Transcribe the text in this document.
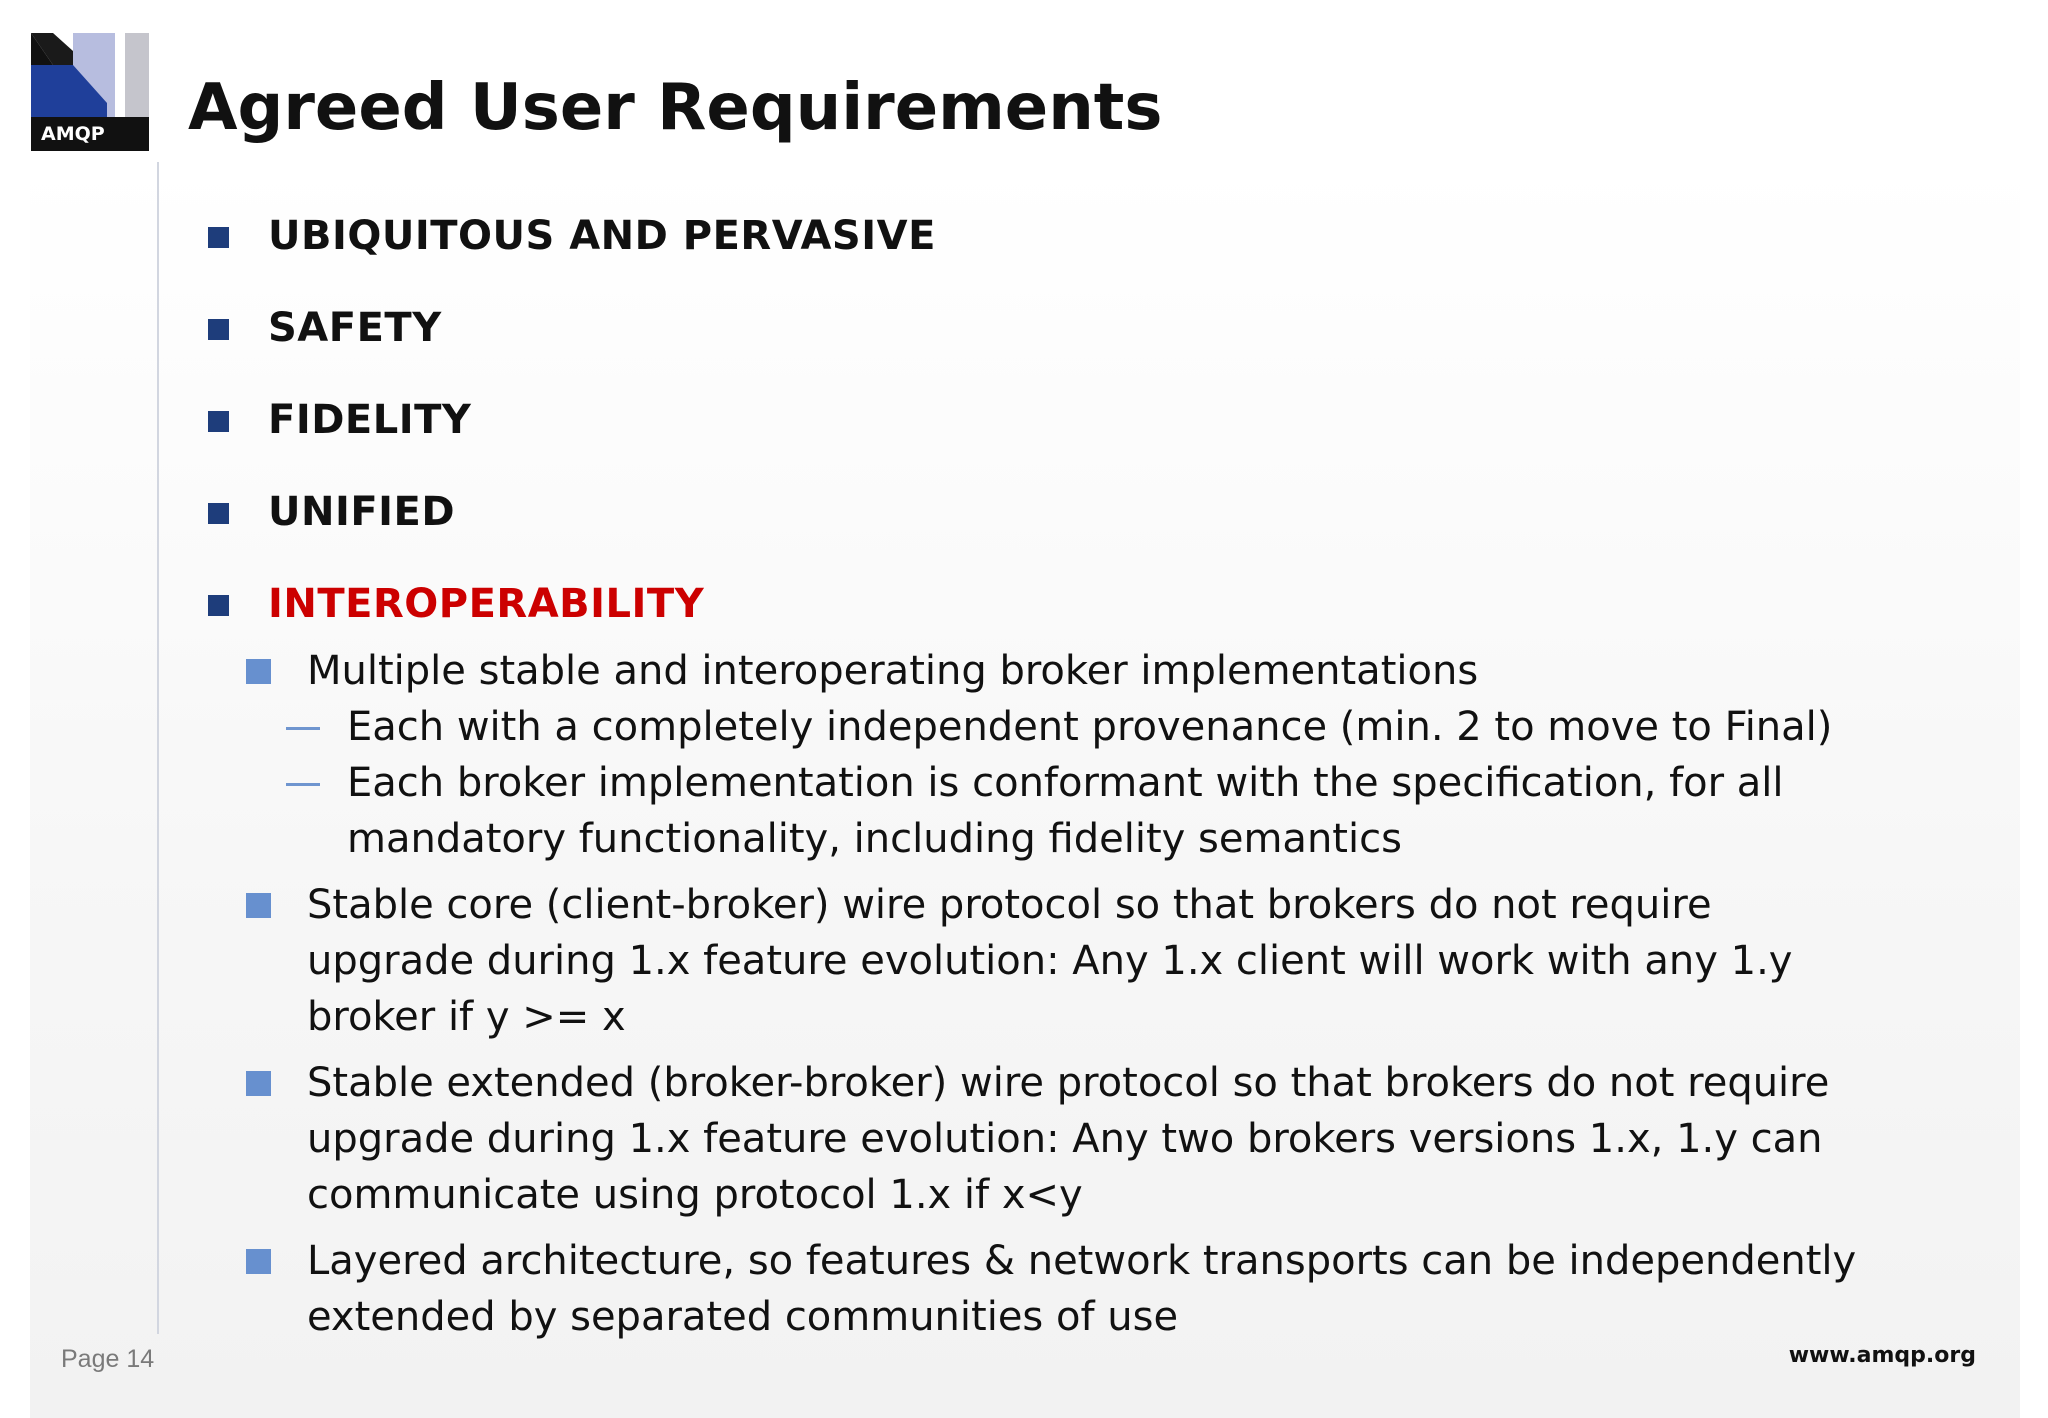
AMQP Agreed User Requirements
UBIQUITOUS AND PERVASIVE
SAFETY
FIDELITY
UNIFIED
INTEROPERABILITY
Multiple stable and interoperating broker implementations
Each with a completely independent provenance (min. 2 to move to Final)
Each broker implementation is conformant with the specification, for all
mandatory functionality, including fidelity semantics
Stable core (client-broker) wire protocol so that brokers do not require
upgrade during 1.x feature evolution: Any 1.x client will work with any 1.y
broker if y >= x
Stable extended (broker-broker) wire protocol so that brokers do not require
upgrade during 1.x feature evolution: Any two brokers versions 1.x, 1.y can
communicate using protocol 1.x if x<y
Layered architecture, so features & network transports can be independently
extended by separated communities of use
Page 14	www.amqp.org
